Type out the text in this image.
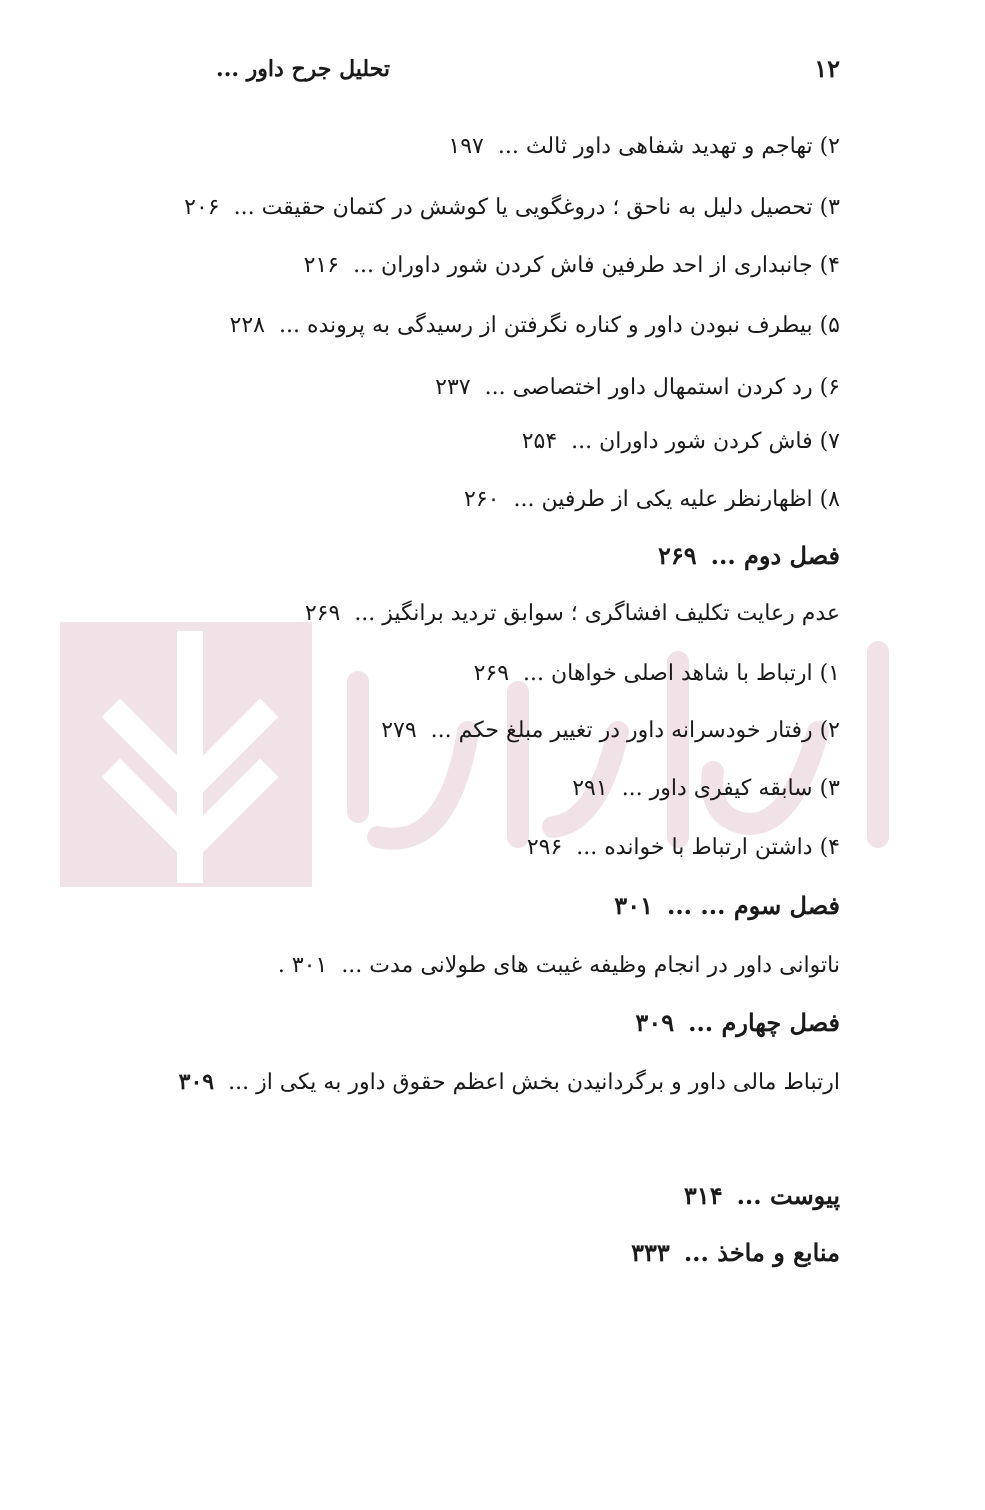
۱۲
تحلیل جرح داور ...
۲) تهاجم و تهدید شفاهی داور ثالث ...۱۹۷
۳) تحصیل دلیل به ناحق ؛ دروغگویی یا کوشش در کتمان حقیقت ...۲۰۶
۴) جانبداری از احد طرفین فاش کردن شور داوران ...۲۱۶
۵) بیطرف نبودن داور و کناره نگرفتن از رسیدگی به پرونده ...۲۲۸
۶) رد کردن استمهال داور اختصاصی ...۲۳۷
۷) فاش کردن شور داوران ...۲۵۴
۸) اظهارنظر علیه یکی از طرفین ...۲۶۰
فصل دوم ...۲۶۹
عدم رعایت تکلیف افشاگری ؛ سوابق تردید برانگیز ...۲۶۹
۱) ارتباط با شاهد اصلی خواهان ...۲۶۹
۲) رفتار خودسرانه داور در تغییر مبلغ حکم ...۲۷۹
۳) سابقه کیفری داور ...۲۹۱
۴) داشتن ارتباط با خوانده ...۲۹۶
فصل سوم ... ...۳۰۱
ناتوانی داور در انجام وظیفه غیبت های طولانی مدت ...۳۰۱ .
فصل چهارم ...۳۰۹
ارتباط مالی داور و برگردانیدن بخش اعظم حقوق داور به یکی از ...۳۰۹
پیوست ...۳۱۴
منابع و ماخذ ...۳۳۳
